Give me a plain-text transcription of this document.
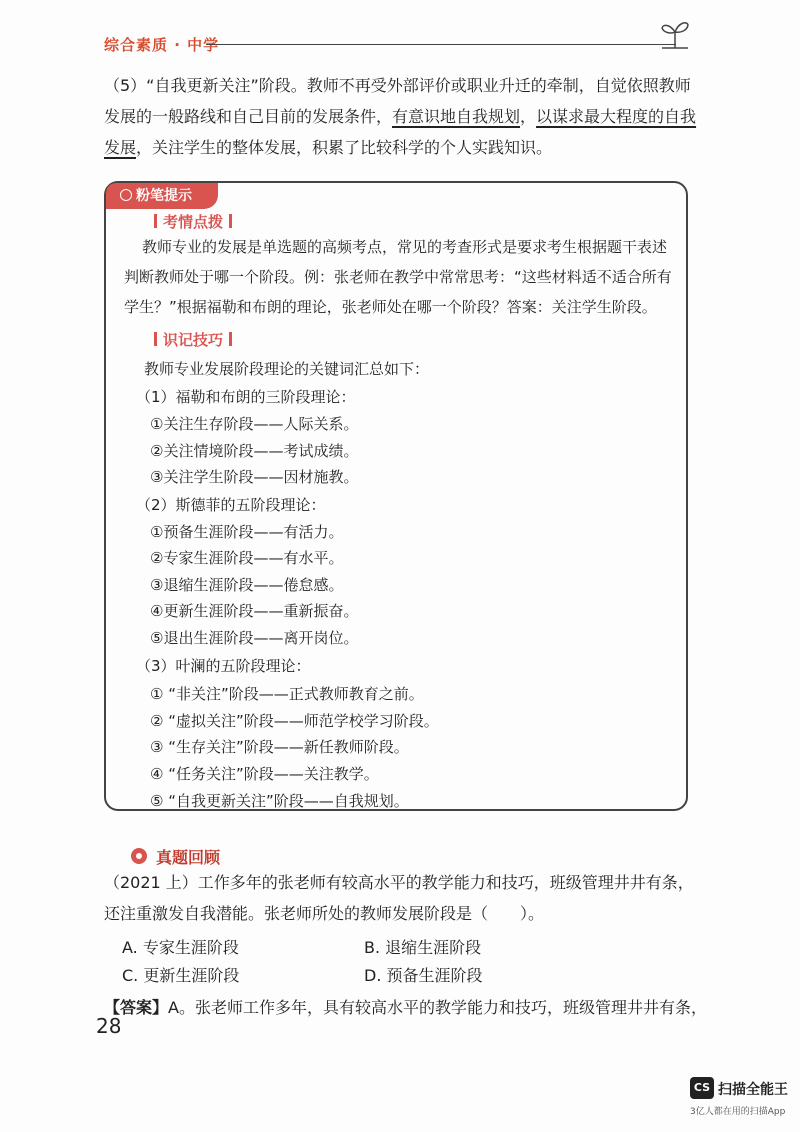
综合素质 · 中学
（5）“自我更新关注”阶段。教师不再受外部评价或职业升迁的牵制，自觉依照教师发展的一般路线和自己目前的发展条件，有意识地自我规划，以谋求最大程度的自我发展，关注学生的整体发展，积累了比较科学的个人实践知识。
粉笔提示
考情点拨
教师专业的发展是单选题的高频考点，常见的考查形式是要求考生根据题干表述判断教师处于哪一个阶段。例：张老师在教学中常常思考：“这些材料适不适合所有学生？”根据福勒和布朗的理论，张老师处在哪一个阶段？答案：关注学生阶段。
识记技巧
教师专业发展阶段理论的关键词汇总如下：
（1）福勒和布朗的三阶段理论：
①关注生存阶段——人际关系。
②关注情境阶段——考试成绩。
③关注学生阶段——因材施教。
（2）斯德菲的五阶段理论：
①预备生涯阶段——有活力。
②专家生涯阶段——有水平。
③退缩生涯阶段——倦怠感。
④更新生涯阶段——重新振奋。
⑤退出生涯阶段——离开岗位。
（3）叶澜的五阶段理论：
① “非关注”阶段——正式教师教育之前。
② “虚拟关注”阶段——师范学校学习阶段。
③ “生存关注”阶段——新任教师阶段。
④ “任务关注”阶段——关注教学。
⑤ “自我更新关注”阶段——自我规划。
真题回顾
（2021 上）工作多年的张老师有较高水平的教学能力和技巧，班级管理井井有条，还注重激发自我潜能。张老师所处的教师发展阶段是（　　）。
A. 专家生涯阶段	B. 退缩生涯阶段
C. 更新生涯阶段	D. 预备生涯阶段
【答案】A。张老师工作多年，具有较高水平的教学能力和技巧，班级管理井井有条，
28
CS 扫描全能王
3亿人都在用的扫描App
